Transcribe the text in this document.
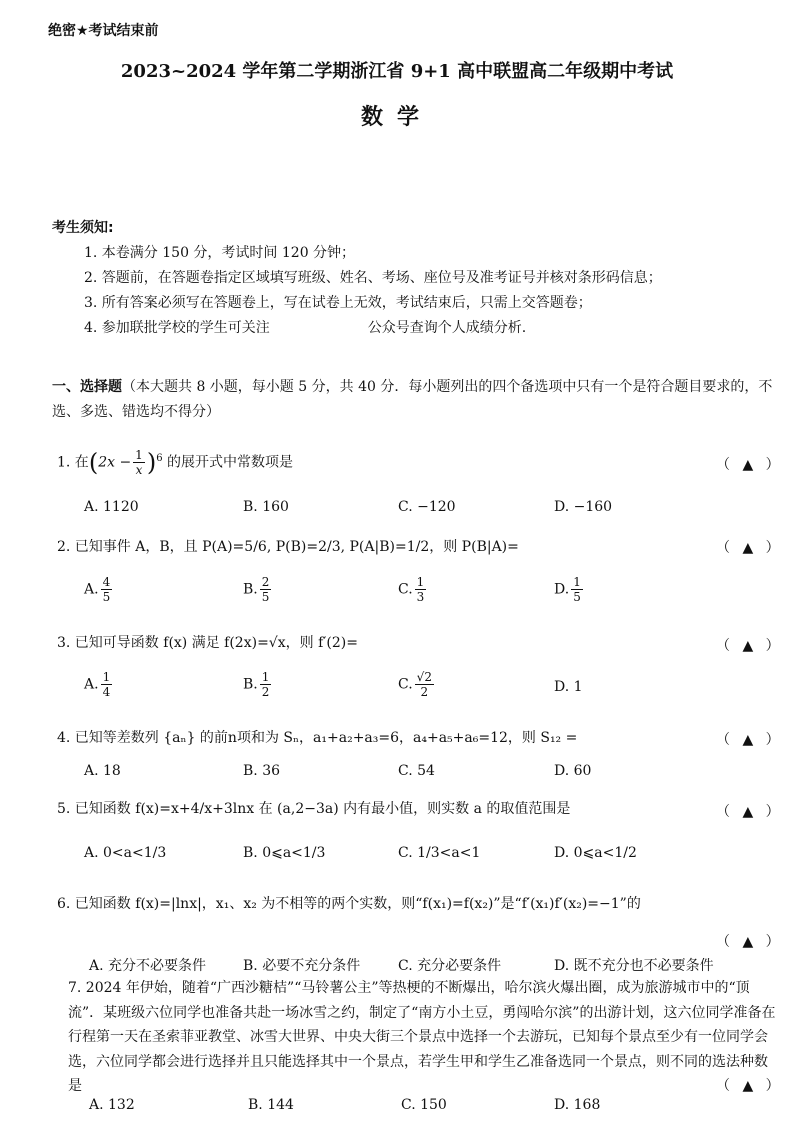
绝密★考试结束前
2023~2024 学年第二学期浙江省 9+1 高中联盟高二年级期中考试
数学
考生须知:
1. 本卷满分 150 分，考试时间 120 分钟；
2. 答题前，在答题卷指定区域填写班级、姓名、考场、座位号及准考证号并核对条形码信息；
3. 所有答案必须写在答题卷上，写在试卷上无效，考试结束后，只需上交答题卷；
4. 参加联批学校的学生可关注　　　　　　　公众号查询个人成绩分析.
一、选择题（本大题共 8 小题，每小题 5 分，共 40 分．每小题列出的四个备选项中只有一个是符合题目要求的，不选、多选、错选均不得分）
1. 在$(2x - \frac{1}{x} )^6$ 的展开式中常数项是	（ ▲ ）
A. 1120	B. 160	C. −120	D. −160
2. 已知事件 A，B，且 P(A)=5/6, P(B)=2/3, P(A|B)=1/2，则 P(B|A)=	（ ▲ ）
A. $\frac{4}{5}$	B. $\frac{2}{5}$	C. $\frac{1}{3}$	D. $\frac{1}{5}$
3. 已知可导函数 f(x) 满足 f(2x)=√x，则 f′(2)=	（ ▲ ）
A. $\frac{1}{4}$	B. $\frac{1}{2}$	C. $\frac{√2}{2}$	D. 1
4. 已知等差数列 {aₙ} 的前n项和为 Sₙ，a₁+a₂+a₃=6，a₄+a₅+a₆=12，则 S₁₂ =	（ ▲ ）
A. 18	B. 36	C. 54	D. 60
5. 已知函数 f(x)=x+4/x+3lnx 在 (a,2−3a) 内有最小值，则实数 a 的取值范围是	（ ▲ ）
A. 0<a<1/3	B. 0⩽a<1/3	C. 1/3<a<1	D. 0⩽a<1/2
6. 已知函数 f(x)=|lnx|，x₁、x₂ 为不相等的两个实数，则“f(x₁)=f(x₂)”是“f′(x₁)f′(x₂)=−1”的
（ ▲ ）
A. 充分不必要条件	B. 必要不充分条件	C. 充分必要条件	D. 既不充分也不必要条件
7. 2024 年伊始，随着“广西沙糖桔”“马铃薯公主”等热梗的不断爆出，哈尔滨火爆出圈，成为旅游城市中的“顶流”．某班级六位同学也准备共赴一场冰雪之约，制定了“南方小土豆，勇闯哈尔滨”的出游计划，这六位同学准备在行程第一天在圣索菲亚教堂、冰雪大世界、中央大街三个景点中选择一个去游玩，已知每个景点至少有一位同学会选，六位同学都会进行选择并且只能选择其中一个景点，若学生甲和学生乙准备选同一个景点，则不同的选法种数是	（ ▲ ）
A. 132	B. 144	C. 150	D. 168
